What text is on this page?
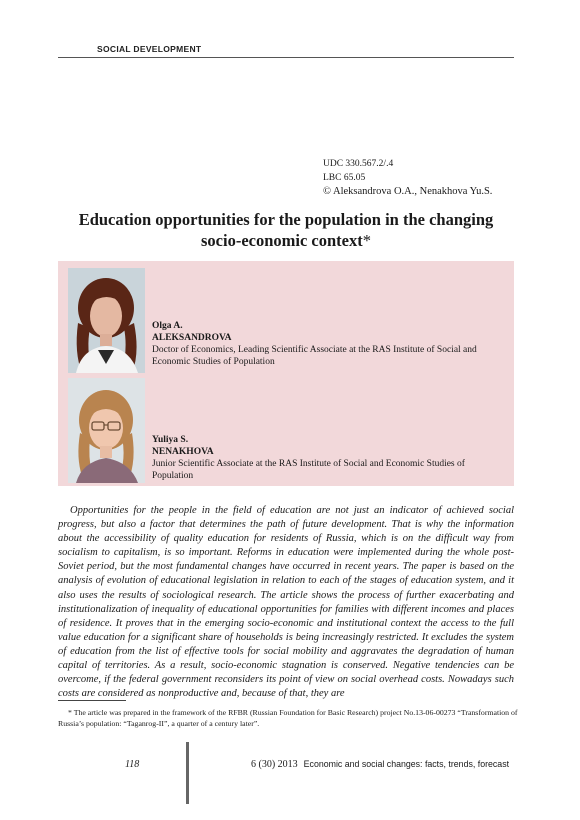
SOCIAL DEVELOPMENT
UDC 330.567.2/.4
LBC 65.05
© Aleksandrova O.A., Nenakhova Yu.S.
Education opportunities for the population in the changing
socio-economic context*
Olga A.
ALEKSANDROVA
Doctor of Economics, Leading Scientific Associate at the RAS Institute of Social and Economic Studies of Population
Yuliya S.
NENAKHOVA
Junior Scientific Associate at the RAS Institute of Social and Economic Studies of Population

Opportunities for the people in the field of education are not just an indicator of achieved social progress, but also a factor that determines the path of future development. That is why the information about the accessibility of quality education for residents of Russia, which is on the difficult way from socialism to capitalism, is so important. Reforms in education were implemented during the whole post-Soviet period, but the most fundamental changes have occurred in recent years. The paper is based on the analysis of evolution of educational legislation in relation to each of the stages of education system, and it also uses the results of sociological research. The article shows the process of further exacerbating and institutionalization of inequality of educational opportunities for families with different incomes and places of residence. It proves that in the emerging socio-economic and institutional context the access to the full value education for a significant share of households is being increasingly restricted. It excludes the system of education from the list of effective tools for social mobility and aggravates the degradation of human capital of territories. As a result, socio-economic stagnation is conserved. Negative tendencies can be overcome, if the federal government reconsiders its point of view on social overhead costs. Nowadays such costs are considered as nonproductive and, because of that, they are

* The article was prepared in the framework of the RFBR (Russian Foundation for Basic Research) project No.13-06-00273 “Transformation of Russia’s population: “Taganrog-II”, a quarter of a century later”.
118	6 (30) 2013 Economic and social changes: facts, trends, forecast
